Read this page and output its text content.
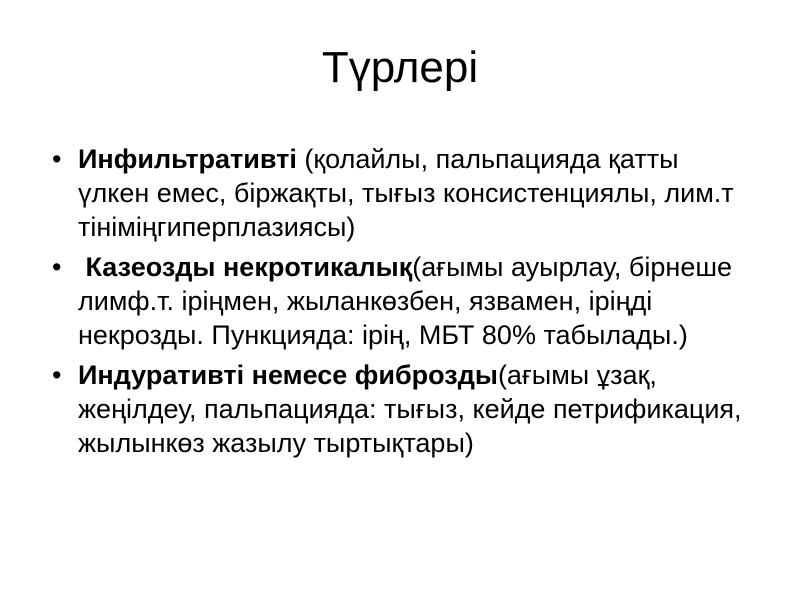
Түрлері
• Инфильтративті (қолайлы, пальпацияда қатты үлкен емес, біржақты, тығыз консистенциялы, лим.т тініміңгиперплазиясы)
• Казеозды некротикалық(ағымы ауырлау, бірнеше лимф.т. іріңмен, жыланкөзбен, язвамен, іріңді некрозды. Пункцияда: ірің, МБТ 80% табылады.)
• Индуративті немесе фиброзды(ағымы ұзақ, жеңілдеу, пальпацияда: тығыз, кейде петрификация, жылынкөз жазылу тыртықтары)
